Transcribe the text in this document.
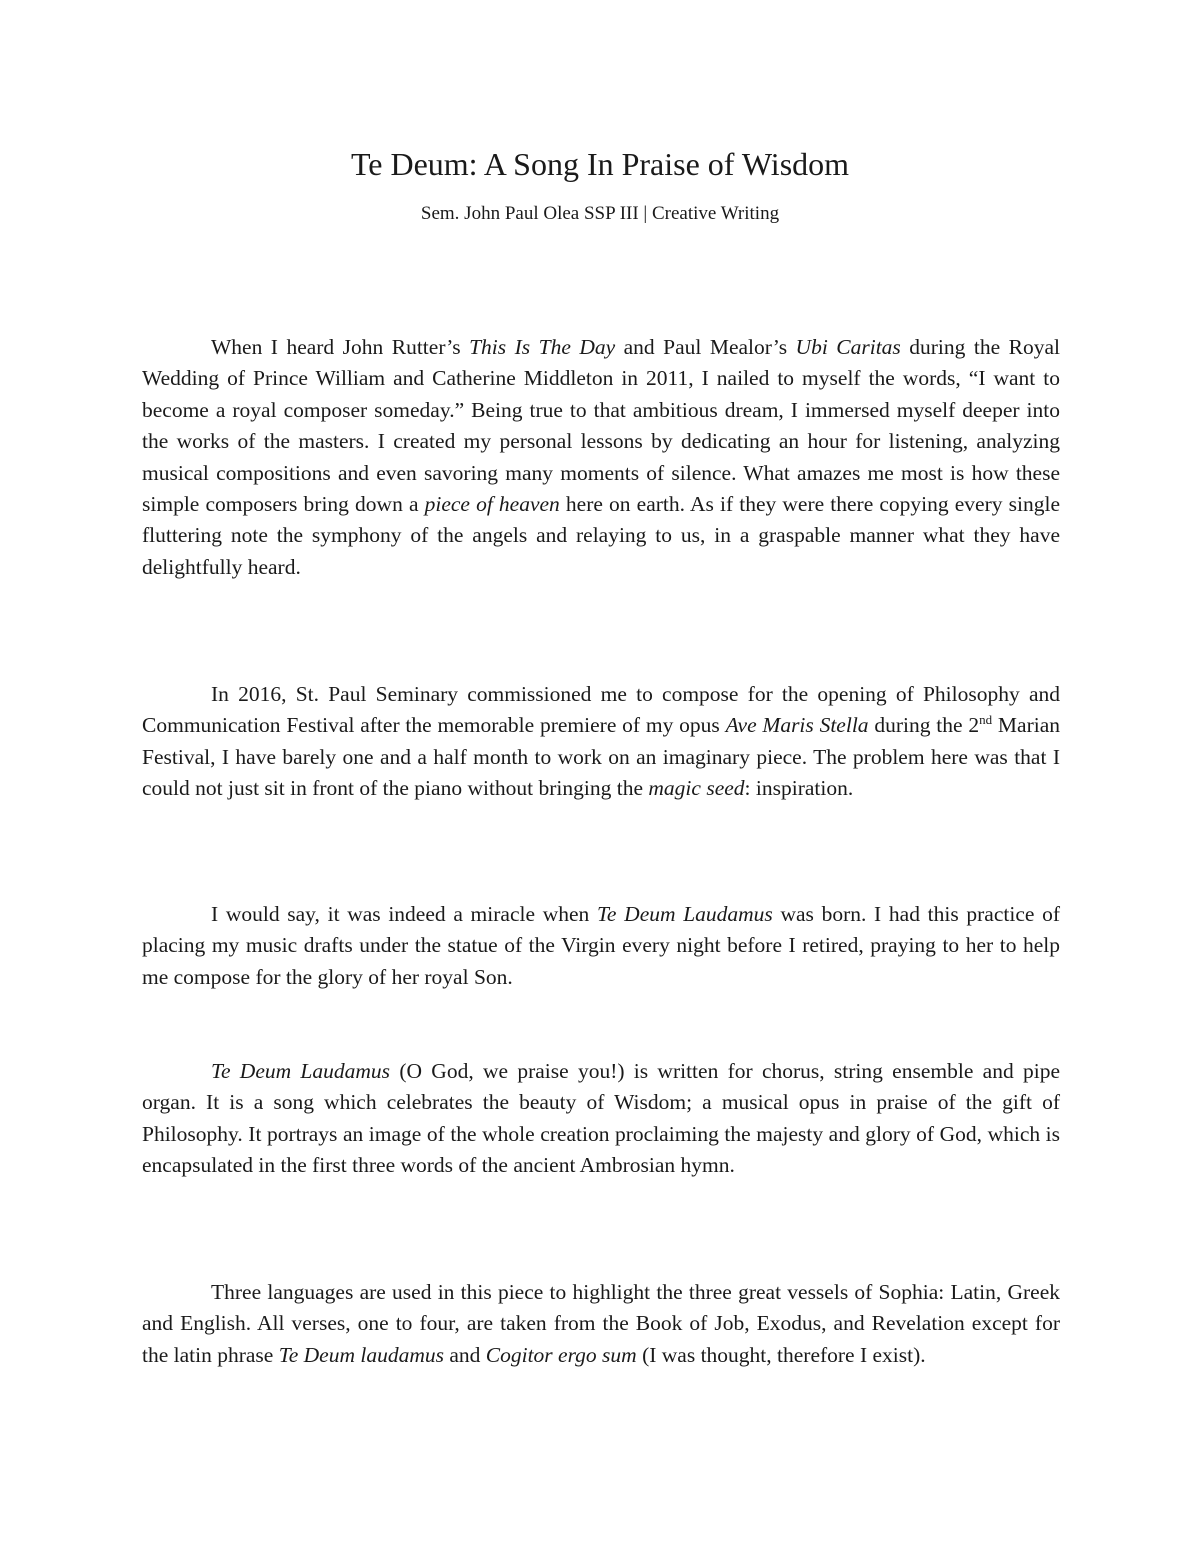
Te Deum: A Song In Praise of Wisdom

Sem. John Paul Olea SSP III | Creative Writing

When I heard John Rutter’s This Is The Day and Paul Mealor’s Ubi Caritas during the Royal Wedding of Prince William and Catherine Middleton in 2011, I nailed to myself the words, “I want to become a royal composer someday.” Being true to that ambitious dream, I immersed myself deeper into the works of the masters. I created my personal lessons by dedicating an hour for listening, analyzing musical compositions and even savoring many moments of silence. What amazes me most is how these simple composers bring down a piece of heaven here on earth. As if they were there copying every single fluttering note the symphony of the angels and relaying to us, in a graspable manner what they have delightfully heard.

In 2016, St. Paul Seminary commissioned me to compose for the opening of Philosophy and Communication Festival after the memorable premiere of my opus Ave Maris Stella during the 2nd Marian Festival, I have barely one and a half month to work on an imaginary piece. The problem here was that I could not just sit in front of the piano without bringing the magic seed: inspiration.

I would say, it was indeed a miracle when Te Deum Laudamus was born. I had this practice of placing my music drafts under the statue of the Virgin every night before I retired, praying to her to help me compose for the glory of her royal Son.

Te Deum Laudamus (O God, we praise you!) is written for chorus, string ensemble and pipe organ. It is a song which celebrates the beauty of Wisdom; a musical opus in praise of the gift of Philosophy. It portrays an image of the whole creation proclaiming the majesty and glory of God, which is encapsulated in the first three words of the ancient Ambrosian hymn.

Three languages are used in this piece to highlight the three great vessels of Sophia: Latin, Greek and English. All verses, one to four, are taken from the Book of Job, Exodus, and Revelation except for the latin phrase Te Deum laudamus and Cogitor ergo sum (I was thought, therefore I exist).
